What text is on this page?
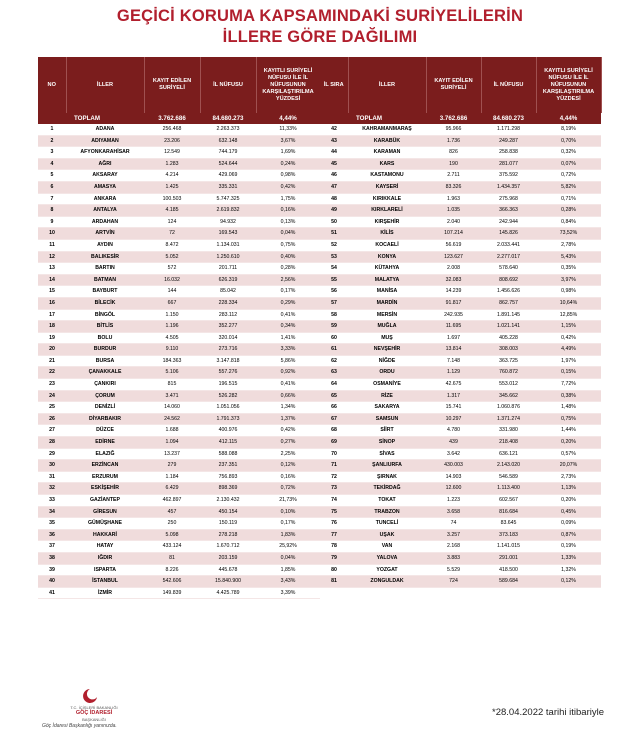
GEÇİCİ KORUMA KAPSAMINDAKİ SURİYELİLERİN
İLLERE GÖRE DAĞILIMI
NO	İLLER	KAYIT EDİLEN SURİYELİ	İL NÜFUSU	KAYITLI SURİYELİ NÜFUSU İLE İL NÜFUSUNUN KARŞILAŞTIRILMA YÜZDESİ
	TOPLAM	3.762.686	84.680.273	4,44%
1	ADANA	256.468	2.263.373	11,33%
2	ADIYAMAN	23.206	632.148	3,67%
3	AFYONKARAHİSAR	12.549	744.179	1,69%
4	AĞRI	1.283	524.644	0,24%
5	AKSARAY	4.214	429.069	0,98%
6	AMASYA	1.425	335.331	0,42%
7	ANKARA	100.503	5.747.325	1,75%
8	ANTALYA	4.185	2.619.832	0,16%
9	ARDAHAN	124	94.932	0,13%
10	ARTVİN	72	169.543	0,04%
11	AYDIN	8.472	1.134.031	0,75%
12	BALIKESİR	5.052	1.250.610	0,40%
13	BARTIN	572	201.711	0,28%
14	BATMAN	16.032	626.319	2,56%
15	BAYBURT	144	85.042	0,17%
16	BİLECİK	667	228.334	0,29%
17	BİNGÖL	1.150	283.112	0,41%
18	BİTLİS	1.196	352.277	0,34%
19	BOLU	4.505	320.014	1,41%
20	BURDUR	9.110	273.716	3,33%
21	BURSA	184.363	3.147.818	5,86%
22	ÇANAKKALE	5.106	557.276	0,92%
23	ÇANKIRI	815	196.515	0,41%
24	ÇORUM	3.471	526.282	0,66%
25	DENİZLİ	14.060	1.051.056	1,34%
26	DİYARBAKIR	24.562	1.791.373	1,37%
27	DÜZCE	1.688	400.976	0,42%
28	EDİRNE	1.094	412.115	0,27%
29	ELAZIĞ	13.237	588.088	2,25%
30	ERZİNCAN	279	237.351	0,12%
31	ERZURUM	1.184	756.893	0,16%
32	ESKİŞEHİR	6.429	898.369	0,72%
33	GAZİANTEP	462.897	2.130.432	21,73%
34	GİRESUN	457	450.154	0,10%
35	GÜMÜŞHANE	250	150.119	0,17%
36	HAKKARİ	5.098	278.218	1,83%
37	HATAY	433.124	1.670.712	25,92%
38	IĞDIR	81	203.159	0,04%
39	ISPARTA	8.226	445.678	1,85%
40	İSTANBUL	542.606	15.840.900	3,43%
41	İZMİR	149.839	4.425.789	3,39%
İL SIRA	İLLER	KAYIT EDİLEN SURİYELİ	İL NÜFUSU	KAYITLI SURİYELİ NÜFUSU İLE İL NÜFUSUNUN KARŞILAŞTIRILMA YÜZDESİ
	TOPLAM	3.762.686	84.680.273	4,44%
42	KAHRAMANMARAŞ	95.966	1.171.298	8,19%
43	KARABÜK	1.736	249.287	0,70%
44	KARAMAN	826	258.838	0,32%
45	KARS	190	281.077	0,07%
46	KASTAMONU	2.711	375.592	0,72%
47	KAYSERİ	83.326	1.434.357	5,82%
48	KIRIKKALE	1.963	275.968	0,71%
49	KIRKLARELİ	1.035	366.363	0,28%
50	KIRŞEHİR	2.040	242.944	0,84%
51	KİLİS	107.214	145.826	73,52%
52	KOCAELİ	56.619	2.033.441	2,78%
53	KONYA	123.627	2.277.017	5,43%
54	KÜTAHYA	2.008	578.640	0,35%
55	MALATYA	32.083	808.692	3,97%
56	MANİSA	14.239	1.456.626	0,98%
57	MARDİN	91.817	862.757	10,64%
58	MERSİN	242.935	1.891.145	12,85%
59	MUĞLA	11.695	1.021.141	1,15%
60	MUŞ	1.697	405.228	0,42%
61	NEVŞEHİR	13.814	308.003	4,49%
62	NİĞDE	7.148	363.725	1,97%
63	ORDU	1.129	760.872	0,15%
64	OSMANİYE	42.675	553.012	7,72%
65	RİZE	1.317	345.662	0,38%
66	SAKARYA	15.741	1.060.876	1,48%
67	SAMSUN	10.297	1.371.274	0,75%
68	SİİRT	4.780	331.980	1,44%
69	SİNOP	439	218.408	0,20%
70	SİVAS	3.642	636.121	0,57%
71	ŞANLIURFA	430.003	2.143.020	20,07%
72	ŞIRNAK	14.903	546.589	2,73%
73	TEKİRDAĞ	12.600	1.113.400	1,13%
74	TOKAT	1.223	602.567	0,20%
75	TRABZON	3.658	816.684	0,45%
76	TUNCELİ	74	83.645	0,09%
77	UŞAK	3.257	373.183	0,87%
78	VAN	2.168	1.141.015	0,19%
79	YALOVA	3.883	291.001	1,33%
80	YOZGAT	5.529	418.500	1,32%
81	ZONGULDAK	724	589.684	0,12%
T.C. İÇİŞLERİ BAKANLIĞI
GÖÇ İDARESİ
BAŞKANLIĞI
Göç İdaresi Başkanlığı yanınızda.
*28.04.2022 tarihi itibariyle
